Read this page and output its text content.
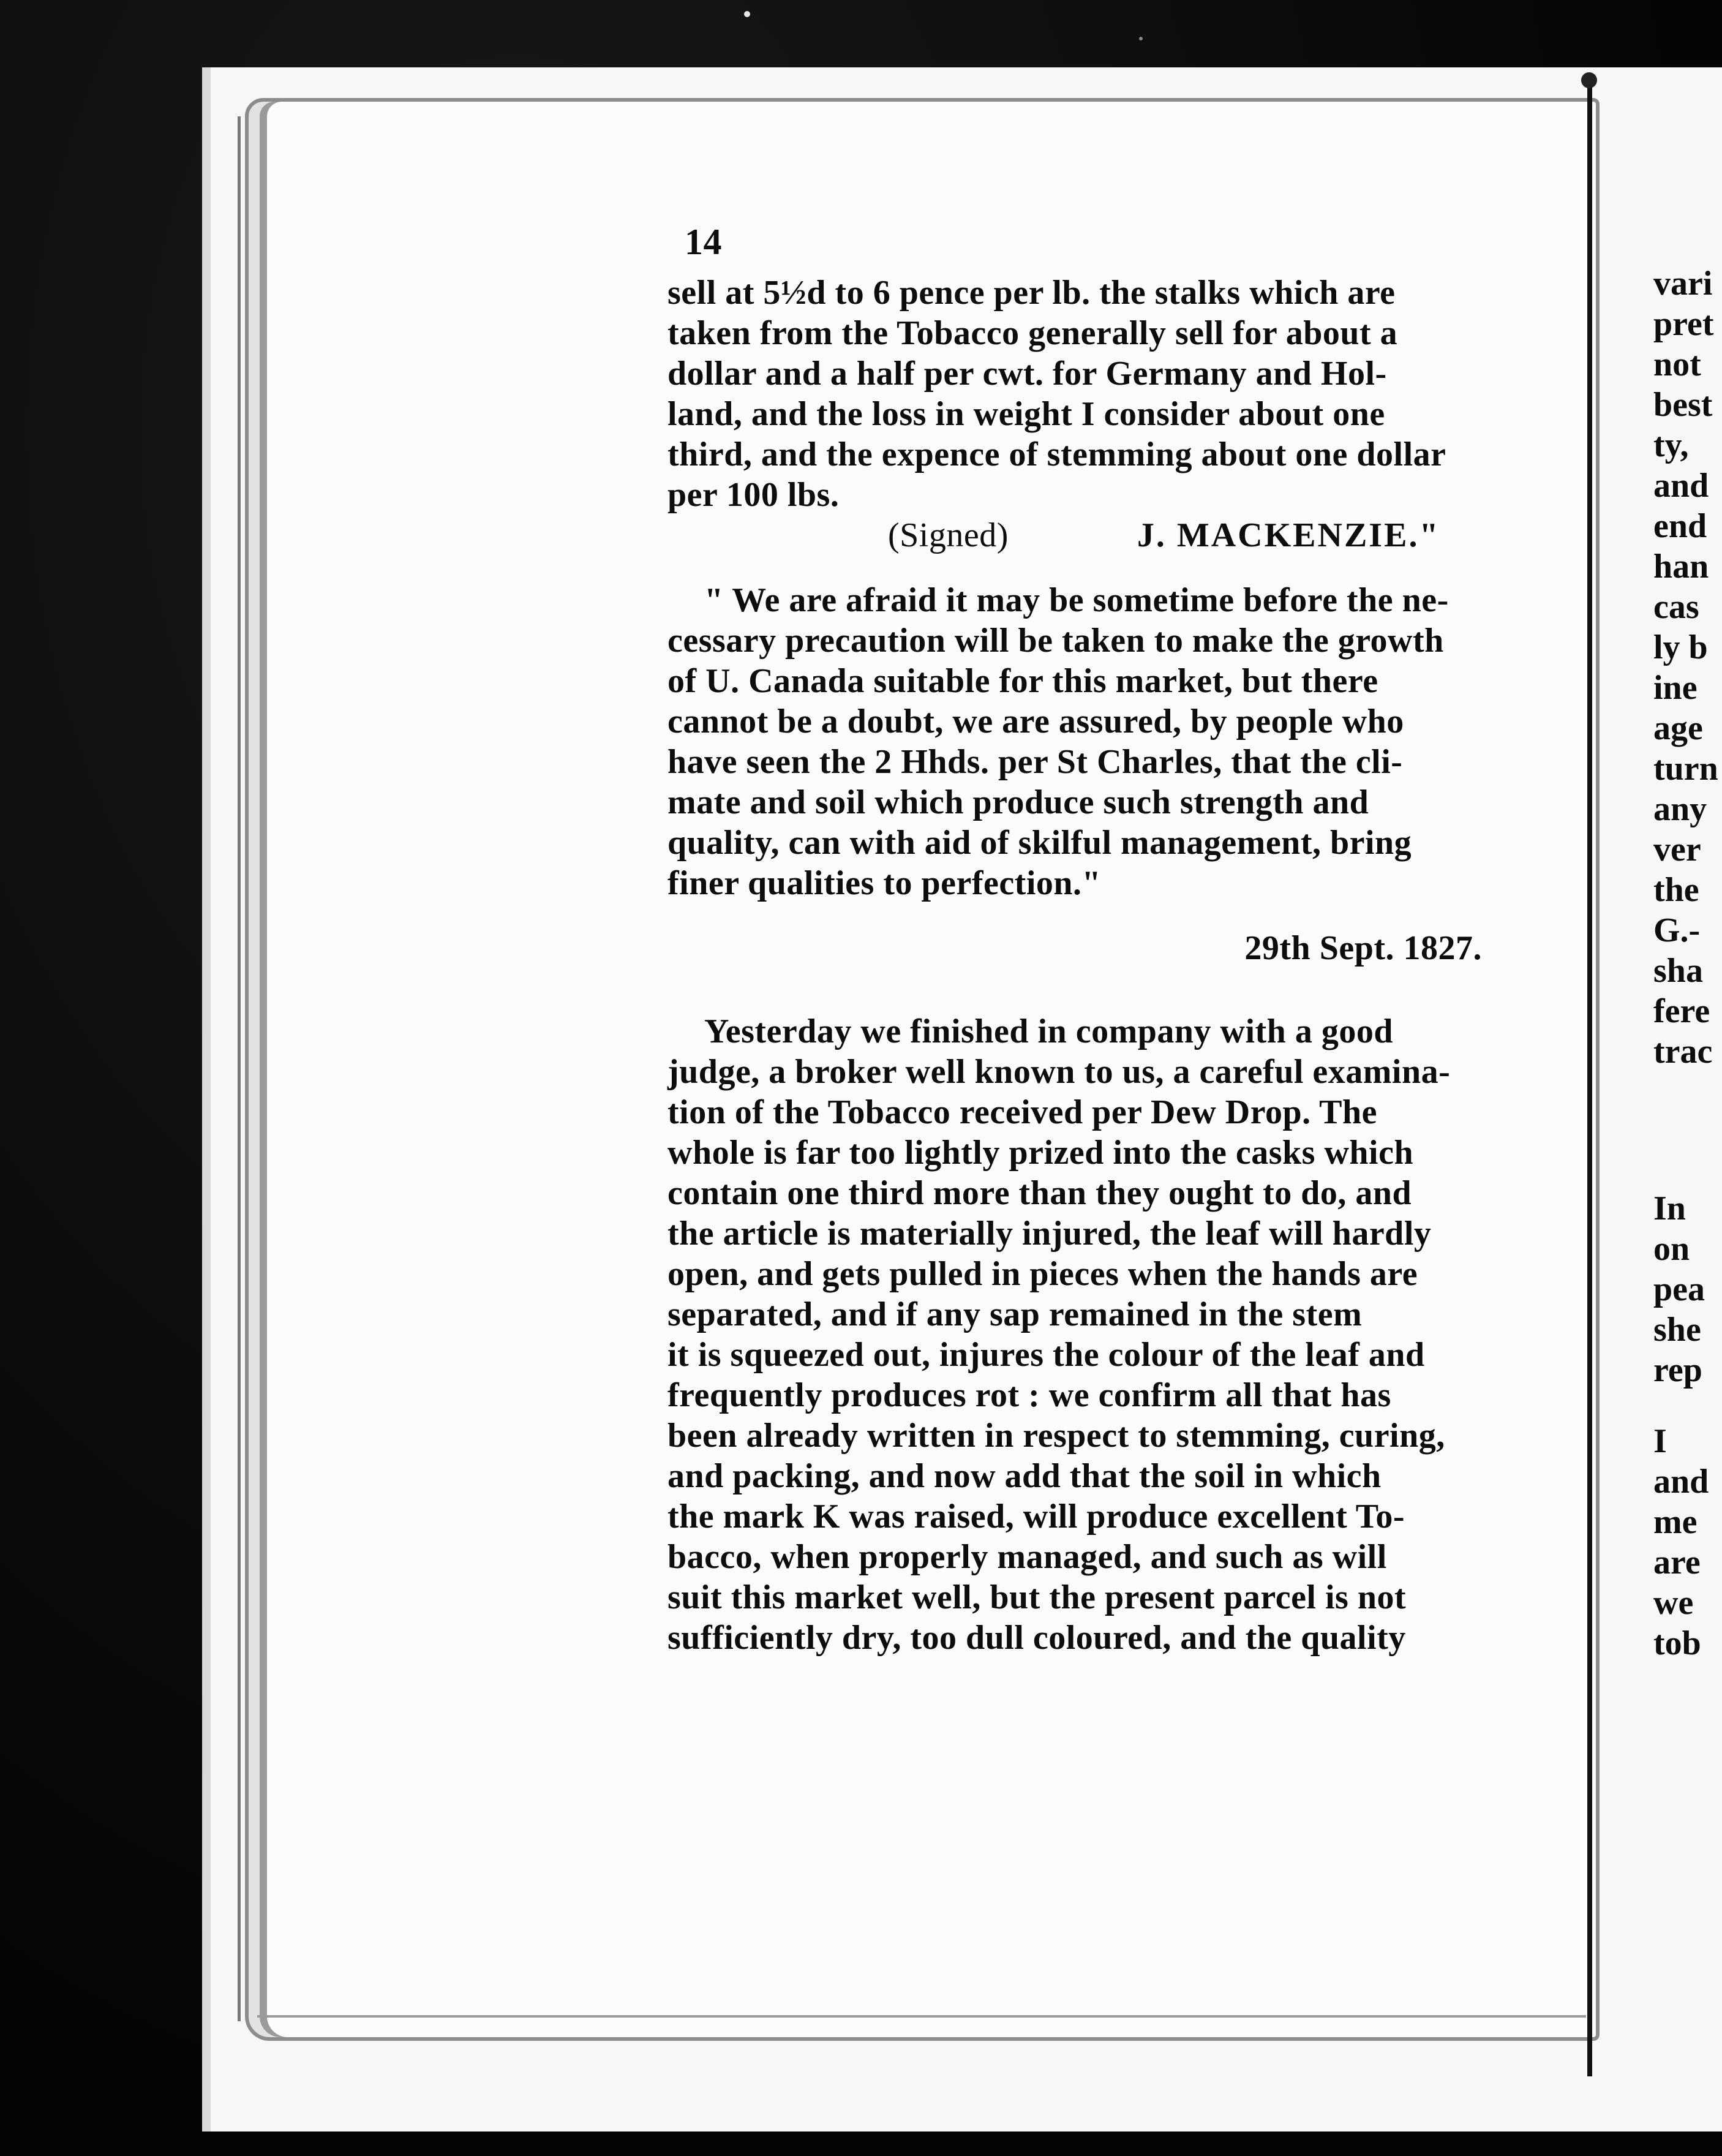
14
sell at 5½d to 6 pence per lb. the stalks which are
taken from the Tobacco generally sell for about a
dollar and a half per cwt. for Germany and Hol-
land, and the loss in weight I consider about one
third, and the expence of stemming about one dollar
per 100 lbs.
(Signed)	J. MACKENZIE."
" We are afraid it may be sometime before the ne-
cessary precaution will be taken to make the growth
of U. Canada suitable for this market, but there
cannot be a doubt, we are assured, by people who
have seen the 2 Hhds. per St Charles, that the cli-
mate and soil which produce such strength and
quality, can with aid of skilful management, bring
finer qualities to perfection."
29th Sept. 1827.
Yesterday we finished in company with a good
judge, a broker well known to us, a careful examina-
tion of the Tobacco received per Dew Drop. The
whole is far too lightly prized into the casks which
contain one third more than they ought to do, and
the article is materially injured, the leaf will hardly
open, and gets pulled in pieces when the hands are
separated, and if any sap remained in the stem
it is squeezed out, injures the colour of the leaf and
frequently produces rot : we confirm all that has
been already written in respect to stemming, curing,
and packing, and now add that the soil in which
the mark K was raised, will produce excellent To-
bacco, when properly managed, and such as will
suit this market well, but the present parcel is not
sufficiently dry, too dull coloured, and the quality
vari
pret
not
best
ty,
and
end
han
cas
ly b
ine
age
turn
any
ver
the
G.-
sha
fere
trac
In
on
pea
she
rep
I
and
me
are
we
tob
